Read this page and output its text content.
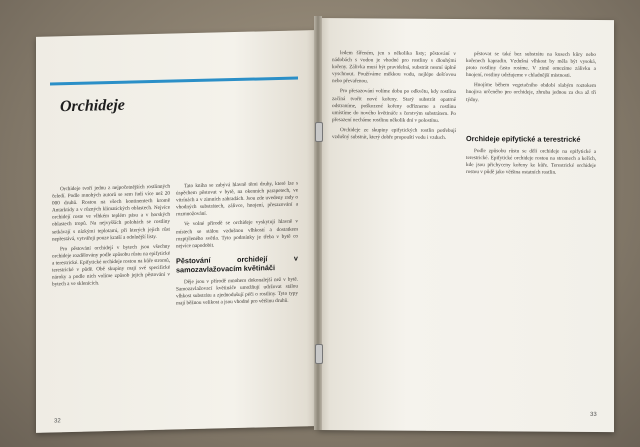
Orchideje

Orchideje tvoří jednu z nejpočetnějších rostlinných čeledí. Podle mnohých autorů se sem řadí více než 20 000 druhů. Rostou na všech kontinentech kromě Antarktidy a v různých klimatických oblastech. Nejvíce orchidejí roste ve vlhkém teplém pásu a v horských oblastech tropů. Na nejvyšších polohách se rostliny setkávají s nízkými teplotami, při kterých jejich růst nepřestává, vytvářejí pouze kratší a odolnější listy.

Pro pěstování orchidejí v bytech jsou všechny orchideje rozdělovány podle způsobu růstu na epifytické a terestrické. Epifytické orchideje rostou na kůře stromů, terestrické v půdě. Obě skupiny mají své specifické nároky a podle nich volíme způsob jejich pěstování v bytech a ve sklenících.

Tato kniha se zabývá hlavně těmi druhy, které lze s úspěchem pěstovat v bytě, na okenních parapetech, ve vitrínách a v zimních zahradách. Jsou zde uvedeny rady o vhodných substrátech, zálivce, hnojení, přesazování a rozmnožování.

Ve volné přírodě se orchideje vyskytují hlavně v místech se stálou vzdušnou vlhkostí a dostatkem rozptýleného světla. Tyto podmínky je třeba v bytě co nejvíce napodobit.

Pěstování orchidejí v samozavlažovacím květináči

Děje jsou v přírodě mnohem dokonalejší než v bytě. Samozavlažovací květináče umožňují udržovat stálou vlhkost substrátu a zjednodušují péči o rostliny. Tyto typy mají běžnou velikost a jsou vhodné pro většinu druhů.

32

ledem šířeném, jen s několika listy; pěstování v nádobách s vodou je vhodné pro rostliny s dlouhými kořeny. Zálivka musí být pravidelná, substrát nesmí úplně vyschnout. Používáme měkkou vodu, nejlépe dešťovou nebo převařenou.

Pro přesazování volíme dobu po odkvětu, kdy rostlina začíná tvořit nové kořeny. Starý substrát opatrně odstraníme, poškozené kořeny odřízneme a rostlinu umístíme do nového květináče s čerstvým substrátem. Po přesazení necháme rostlinu několik dní v polostínu.

Orchideje ze skupiny epifytických rostlin potřebují vzdušný substrát, který dobře propouští vodu i vzduch.

pěstovat se také bez substrátu na kusech kůry nebo kořenech kapradin. Vzdušná vlhkost by měla být vysoká, proto rostliny často rosíme. V zimě omezíme zálivku a hnojení, rostliny udržujeme v chladnější místnosti.

Hnojíme během vegetačního období slabým roztokem hnojiva určeného pro orchideje, zhruba jednou za dva až tři týdny.

Orchideje epifytické a terestrické

Podle způsobu růstu se dělí orchideje na epifytické a terestrické. Epifytické orchideje rostou na stromech a keřích, kde jsou přichyceny kořeny ke kůře. Terestrické orchideje rostou v půdě jako většina ostatních rostlin.

33
